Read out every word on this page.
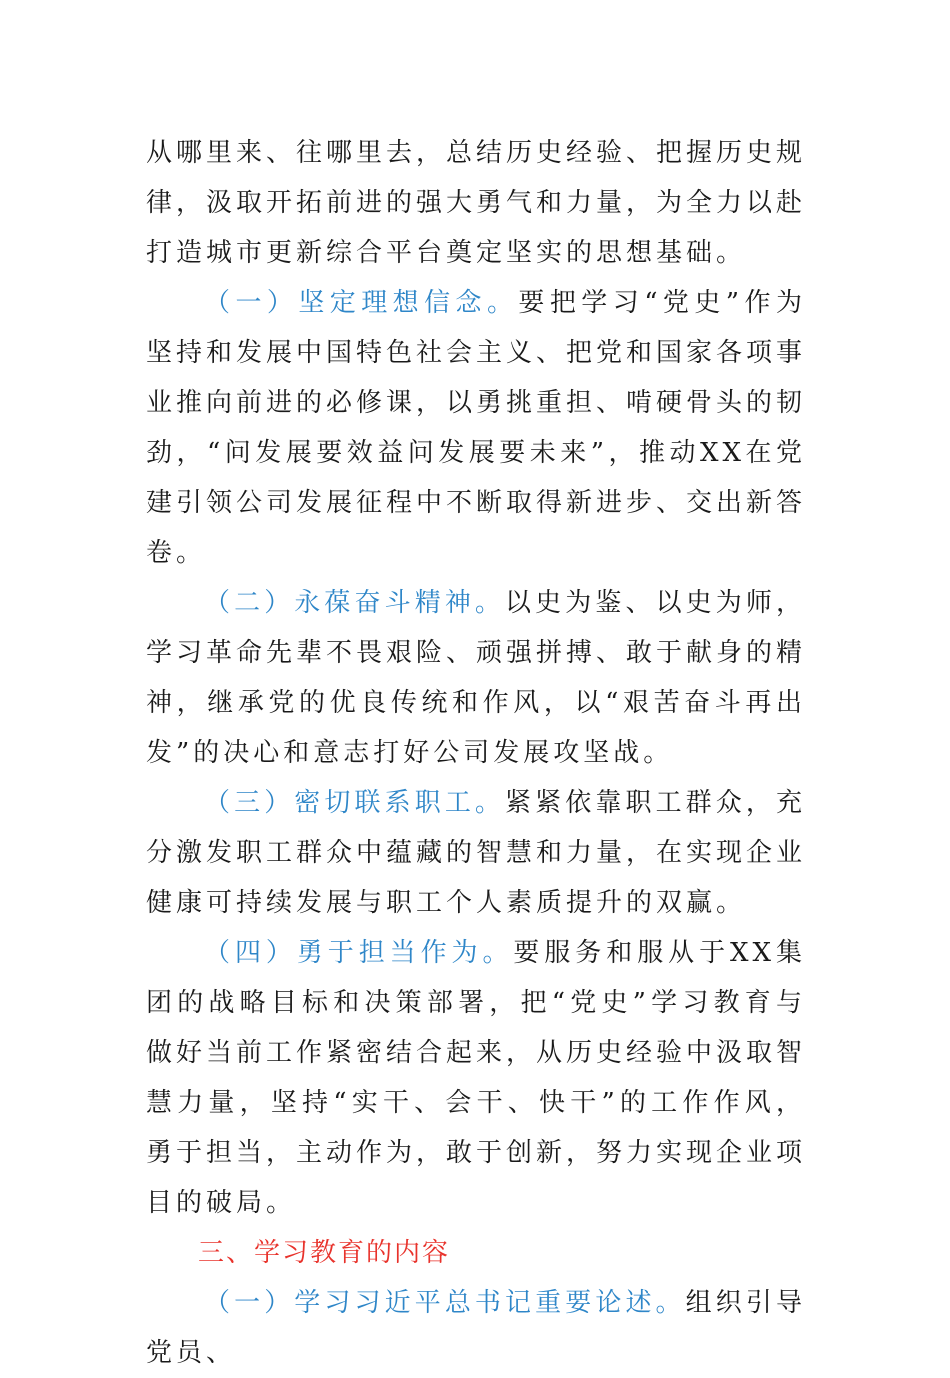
从哪里来、往哪里去，总结历史经验、把握历史规律，汲取开拓前进的强大勇气和力量，为全力以赴打造城市更新综合平台奠定坚实的思想基础。

（一）坚定理想信念。要把学习“党史”作为坚持和发展中国特色社会主义、把党和国家各项事业推向前进的必修课，以勇挑重担、啃硬骨头的韧劲，“问发展要效益问发展要未来”，推动XX在党建引领公司发展征程中不断取得新进步、交出新答卷。

（二）永葆奋斗精神。以史为鉴、以史为师，学习革命先辈不畏艰险、顽强拼搏、敢于献身的精神，继承党的优良传统和作风，以“艰苦奋斗再出发”的决心和意志打好公司发展攻坚战。

（三）密切联系职工。紧紧依靠职工群众，充分激发职工群众中蕴藏的智慧和力量，在实现企业健康可持续发展与职工个人素质提升的双赢。

（四）勇于担当作为。要服务和服从于XX集团的战略目标和决策部署，把“党史”学习教育与做好当前工作紧密结合起来，从历史经验中汲取智慧力量，坚持“实干、会干、快干”的工作作风，勇于担当，主动作为，敢于创新，努力实现企业项目的破局。

三、学习教育的内容

（一）学习习近平总书记重要论述。组织引导党员、
